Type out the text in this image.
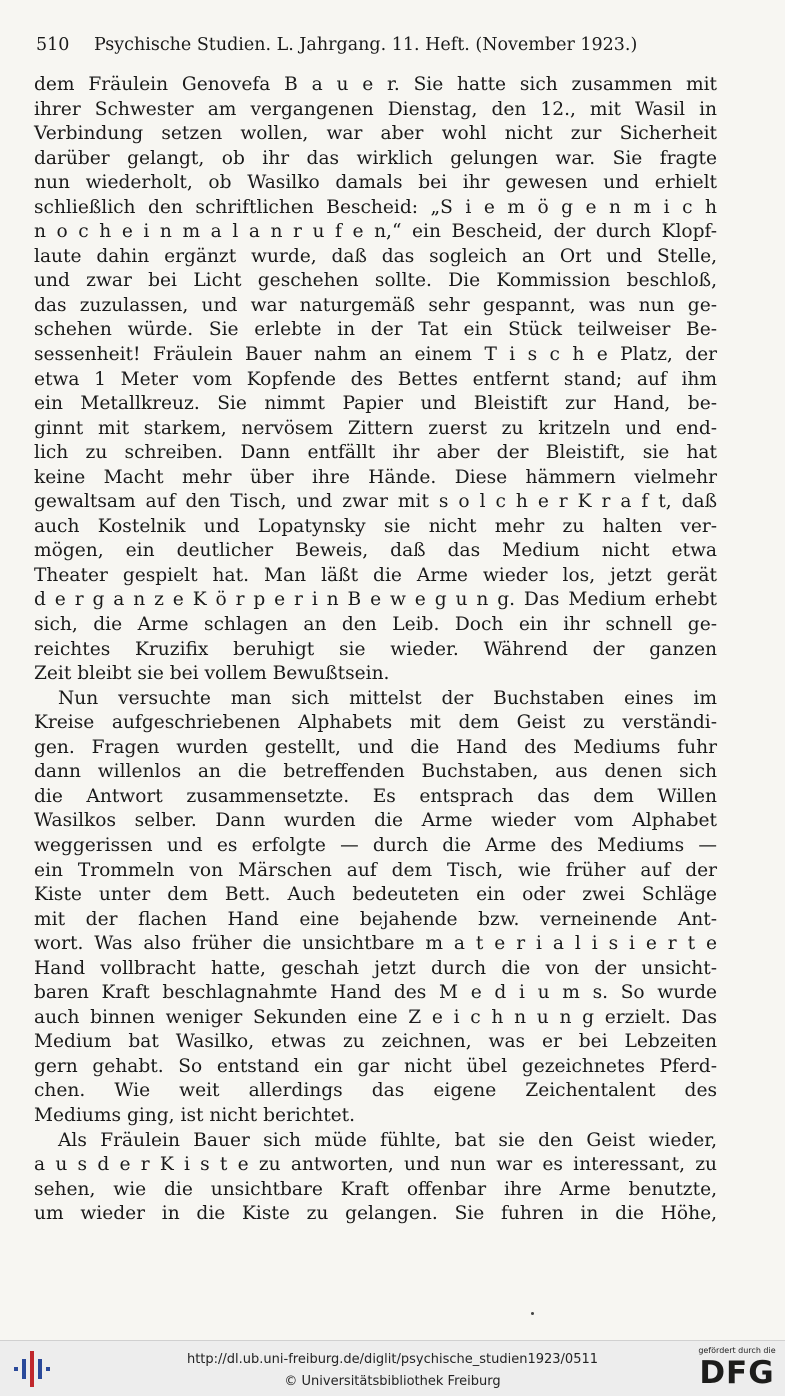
510 Psychische Studien. L. Jahrgang. 11. Heft. (November 1923.)
dem Fräulein Genovefa B a u e r. Sie hatte sich zusammen mit
ihrer Schwester am vergangenen Dienstag, den 12., mit Wasil in
Verbindung setzen wollen, war aber wohl nicht zur Sicherheit
darüber gelangt, ob ihr das wirklich gelungen war. Sie fragte
nun wiederholt, ob Wasilko damals bei ihr gewesen und erhielt
schließlich den schriftlichen Bescheid: „S i e m ö g e n m i c h
n o c h e i n m a l a n r u f e n,“ ein Bescheid, der durch Klopf-
laute dahin ergänzt wurde, daß das sogleich an Ort und Stelle,
und zwar bei Licht geschehen sollte. Die Kommission beschloß,
das zuzulassen, und war naturgemäß sehr gespannt, was nun ge-
schehen würde. Sie erlebte in der Tat ein Stück teilweiser Be-
sessenheit! Fräulein Bauer nahm an einem T i s c h e Platz, der
etwa 1 Meter vom Kopfende des Bettes entfernt stand; auf ihm
ein Metallkreuz. Sie nimmt Papier und Bleistift zur Hand, be-
ginnt mit starkem, nervösem Zittern zuerst zu kritzeln und end-
lich zu schreiben. Dann entfällt ihr aber der Bleistift, sie hat
keine Macht mehr über ihre Hände. Diese hämmern vielmehr
gewaltsam auf den Tisch, und zwar mit s o l c h e r K r a f t, daß
auch Kostelnik und Lopatynsky sie nicht mehr zu halten ver-
mögen, ein deutlicher Beweis, daß das Medium nicht etwa
Theater gespielt hat. Man läßt die Arme wieder los, jetzt gerät
d e r g a n z e K ö r p e r i n B e w e g u n g. Das Medium erhebt
sich, die Arme schlagen an den Leib. Doch ein ihr schnell ge-
reichtes Kruzifix beruhigt sie wieder. Während der ganzen
Zeit bleibt sie bei vollem Bewußtsein.
Nun versuchte man sich mittelst der Buchstaben eines im
Kreise aufgeschriebenen Alphabets mit dem Geist zu verständi-
gen. Fragen wurden gestellt, und die Hand des Mediums fuhr
dann willenlos an die betreffenden Buchstaben, aus denen sich
die Antwort zusammensetzte. Es entsprach das dem Willen
Wasilkos selber. Dann wurden die Arme wieder vom Alphabet
weggerissen und es erfolgte — durch die Arme des Mediums —
ein Trommeln von Märschen auf dem Tisch, wie früher auf der
Kiste unter dem Bett. Auch bedeuteten ein oder zwei Schläge
mit der flachen Hand eine bejahende bzw. verneinende Ant-
wort. Was also früher die unsichtbare m a t e r i a l i s i e r t e
Hand vollbracht hatte, geschah jetzt durch die von der unsicht-
baren Kraft beschlagnahmte Hand des M e d i u m s. So wurde
auch binnen weniger Sekunden eine Z e i c h n u n g erzielt. Das
Medium bat Wasilko, etwas zu zeichnen, was er bei Lebzeiten
gern gehabt. So entstand ein gar nicht übel gezeichnetes Pferd-
chen. Wie weit allerdings das eigene Zeichentalent des
Mediums ging, ist nicht berichtet.
Als Fräulein Bauer sich müde fühlte, bat sie den Geist wieder,
a u s d e r K i s t e zu antworten, und nun war es interessant, zu
sehen, wie die unsichtbare Kraft offenbar ihre Arme benutzte,
um wieder in die Kiste zu gelangen. Sie fuhren in die Höhe,
http://dl.ub.uni-freiburg.de/diglit/psychische_studien1923/0511
© Universitätsbibliothek Freiburg
gefördert durch die
DFG
